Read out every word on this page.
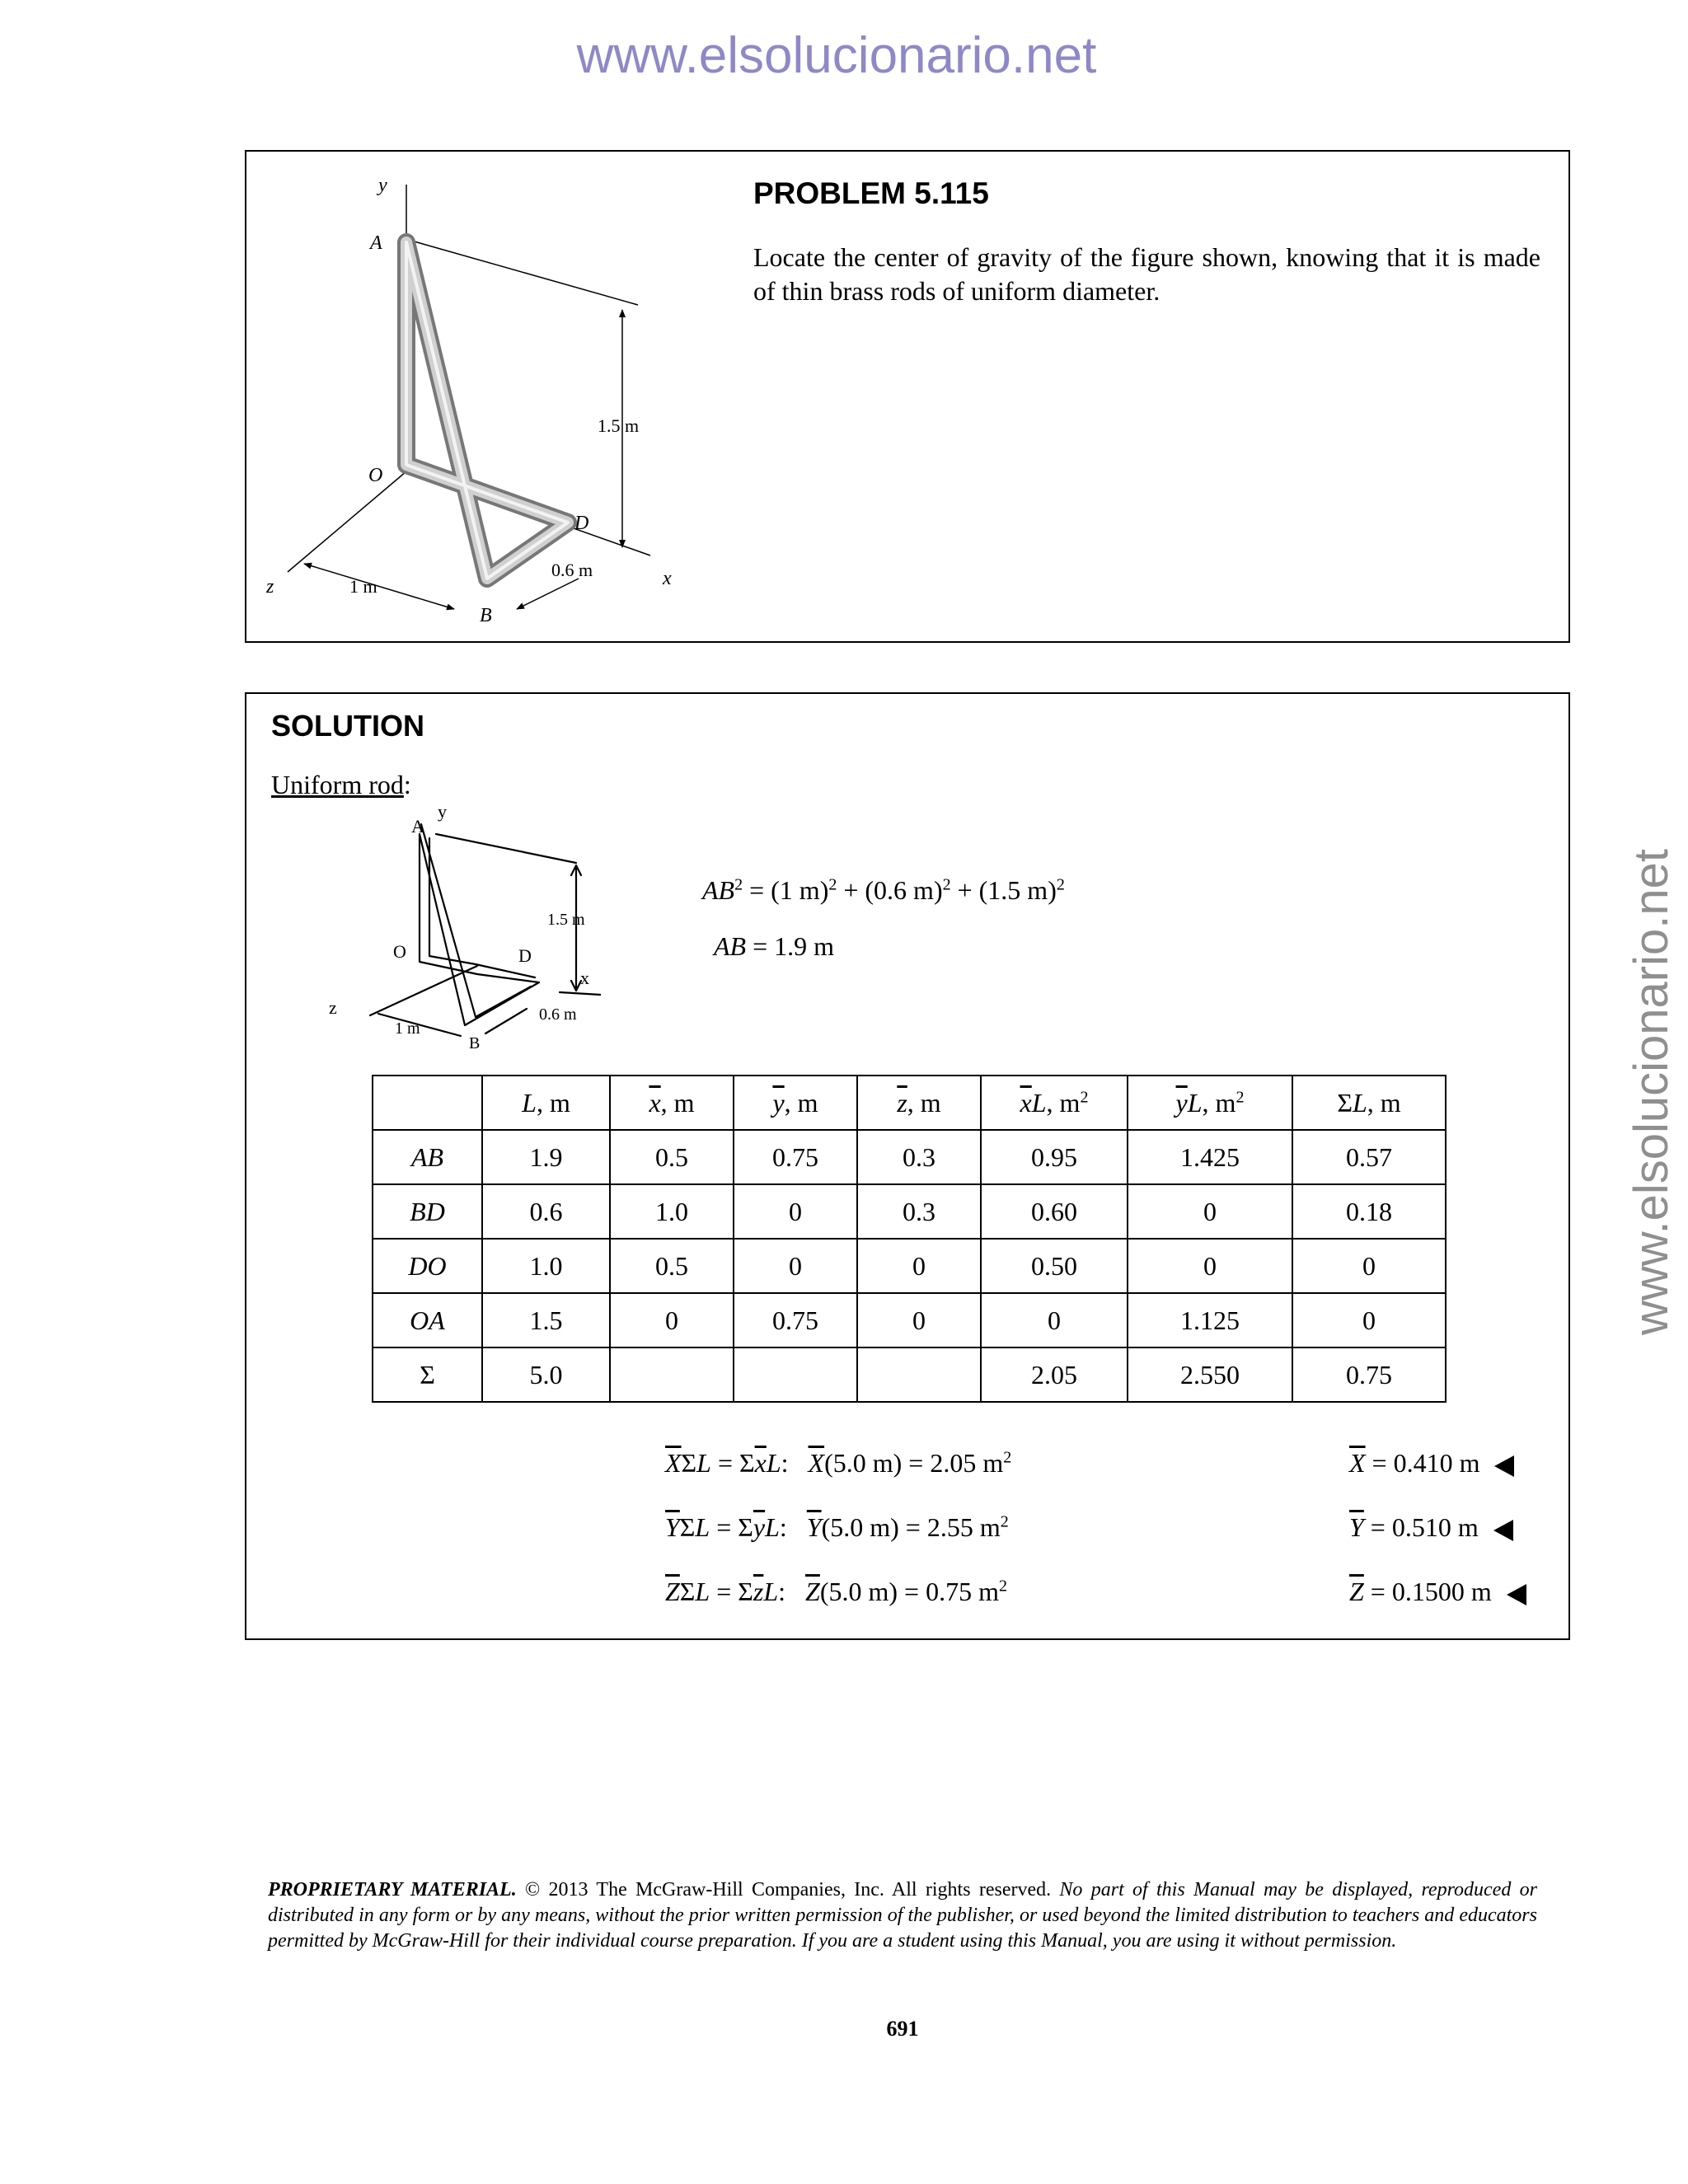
www.elsolucionario.net
www.elsolucionario.net
y
A
O
D
B
z	x
1.5 m
1 m
0.6 m
PROBLEM 5.115
Locate the center of gravity of the figure shown, knowing that it is made of thin brass rods of uniform diameter.
SOLUTION
Uniform rod:
A
y
O	D
B
z
x
1.5 m
1 m
0.6 m
$AB^2 = (1$ m)$^2$ + (0.6 m)$^2$ + (1.5 m)$^2$
AB = 1.9 m
	L, m	$\overline{x}$, m	$\overline{y}$, m	$\overline{z}$, m	$\overline{x}L$, $m^2$	$\overline{y}L$, $m^2$	ΣL, m
AB	1.9	0.5	0.75	0.3	0.95	1.425	0.57
BD	0.6	1.0	0	0.3	0.60	0	0.18
DO	1.0	0.5	0	0	0.50	0	0
OA	1.5	0	0.75	0	0	1.125	0
Σ	5.0				2.05	2.550	0.75
$\overline{X}\Sigma L = \Sigma\overline{x}L$: $\overline{X}(5.0$ m) = 2.05 $m^2$	$\overline{X} = 0.410$ m
$\overline{Y}\Sigma L = \Sigma\overline{y}L$: $\overline{Y}(5.0$ m) = 2.55 $m^2$	$\overline{Y} = 0.510$ m
$\overline{Z}\Sigma L = \Sigma\overline{z}L$: $\overline{Z}(5.0$ m) = 0.75 $m^2$	$\overline{Z} = 0.1500$ m
PROPRIETARY MATERIAL. © 2013 The McGraw-Hill Companies, Inc. All rights reserved. No part of this Manual may be displayed, reproduced or distributed in any form or by any means, without the prior written permission of the publisher, or used beyond the limited distribution to teachers and educators permitted by McGraw-Hill for their individual course preparation. If you are a student using this Manual, you are using it without permission.
691
